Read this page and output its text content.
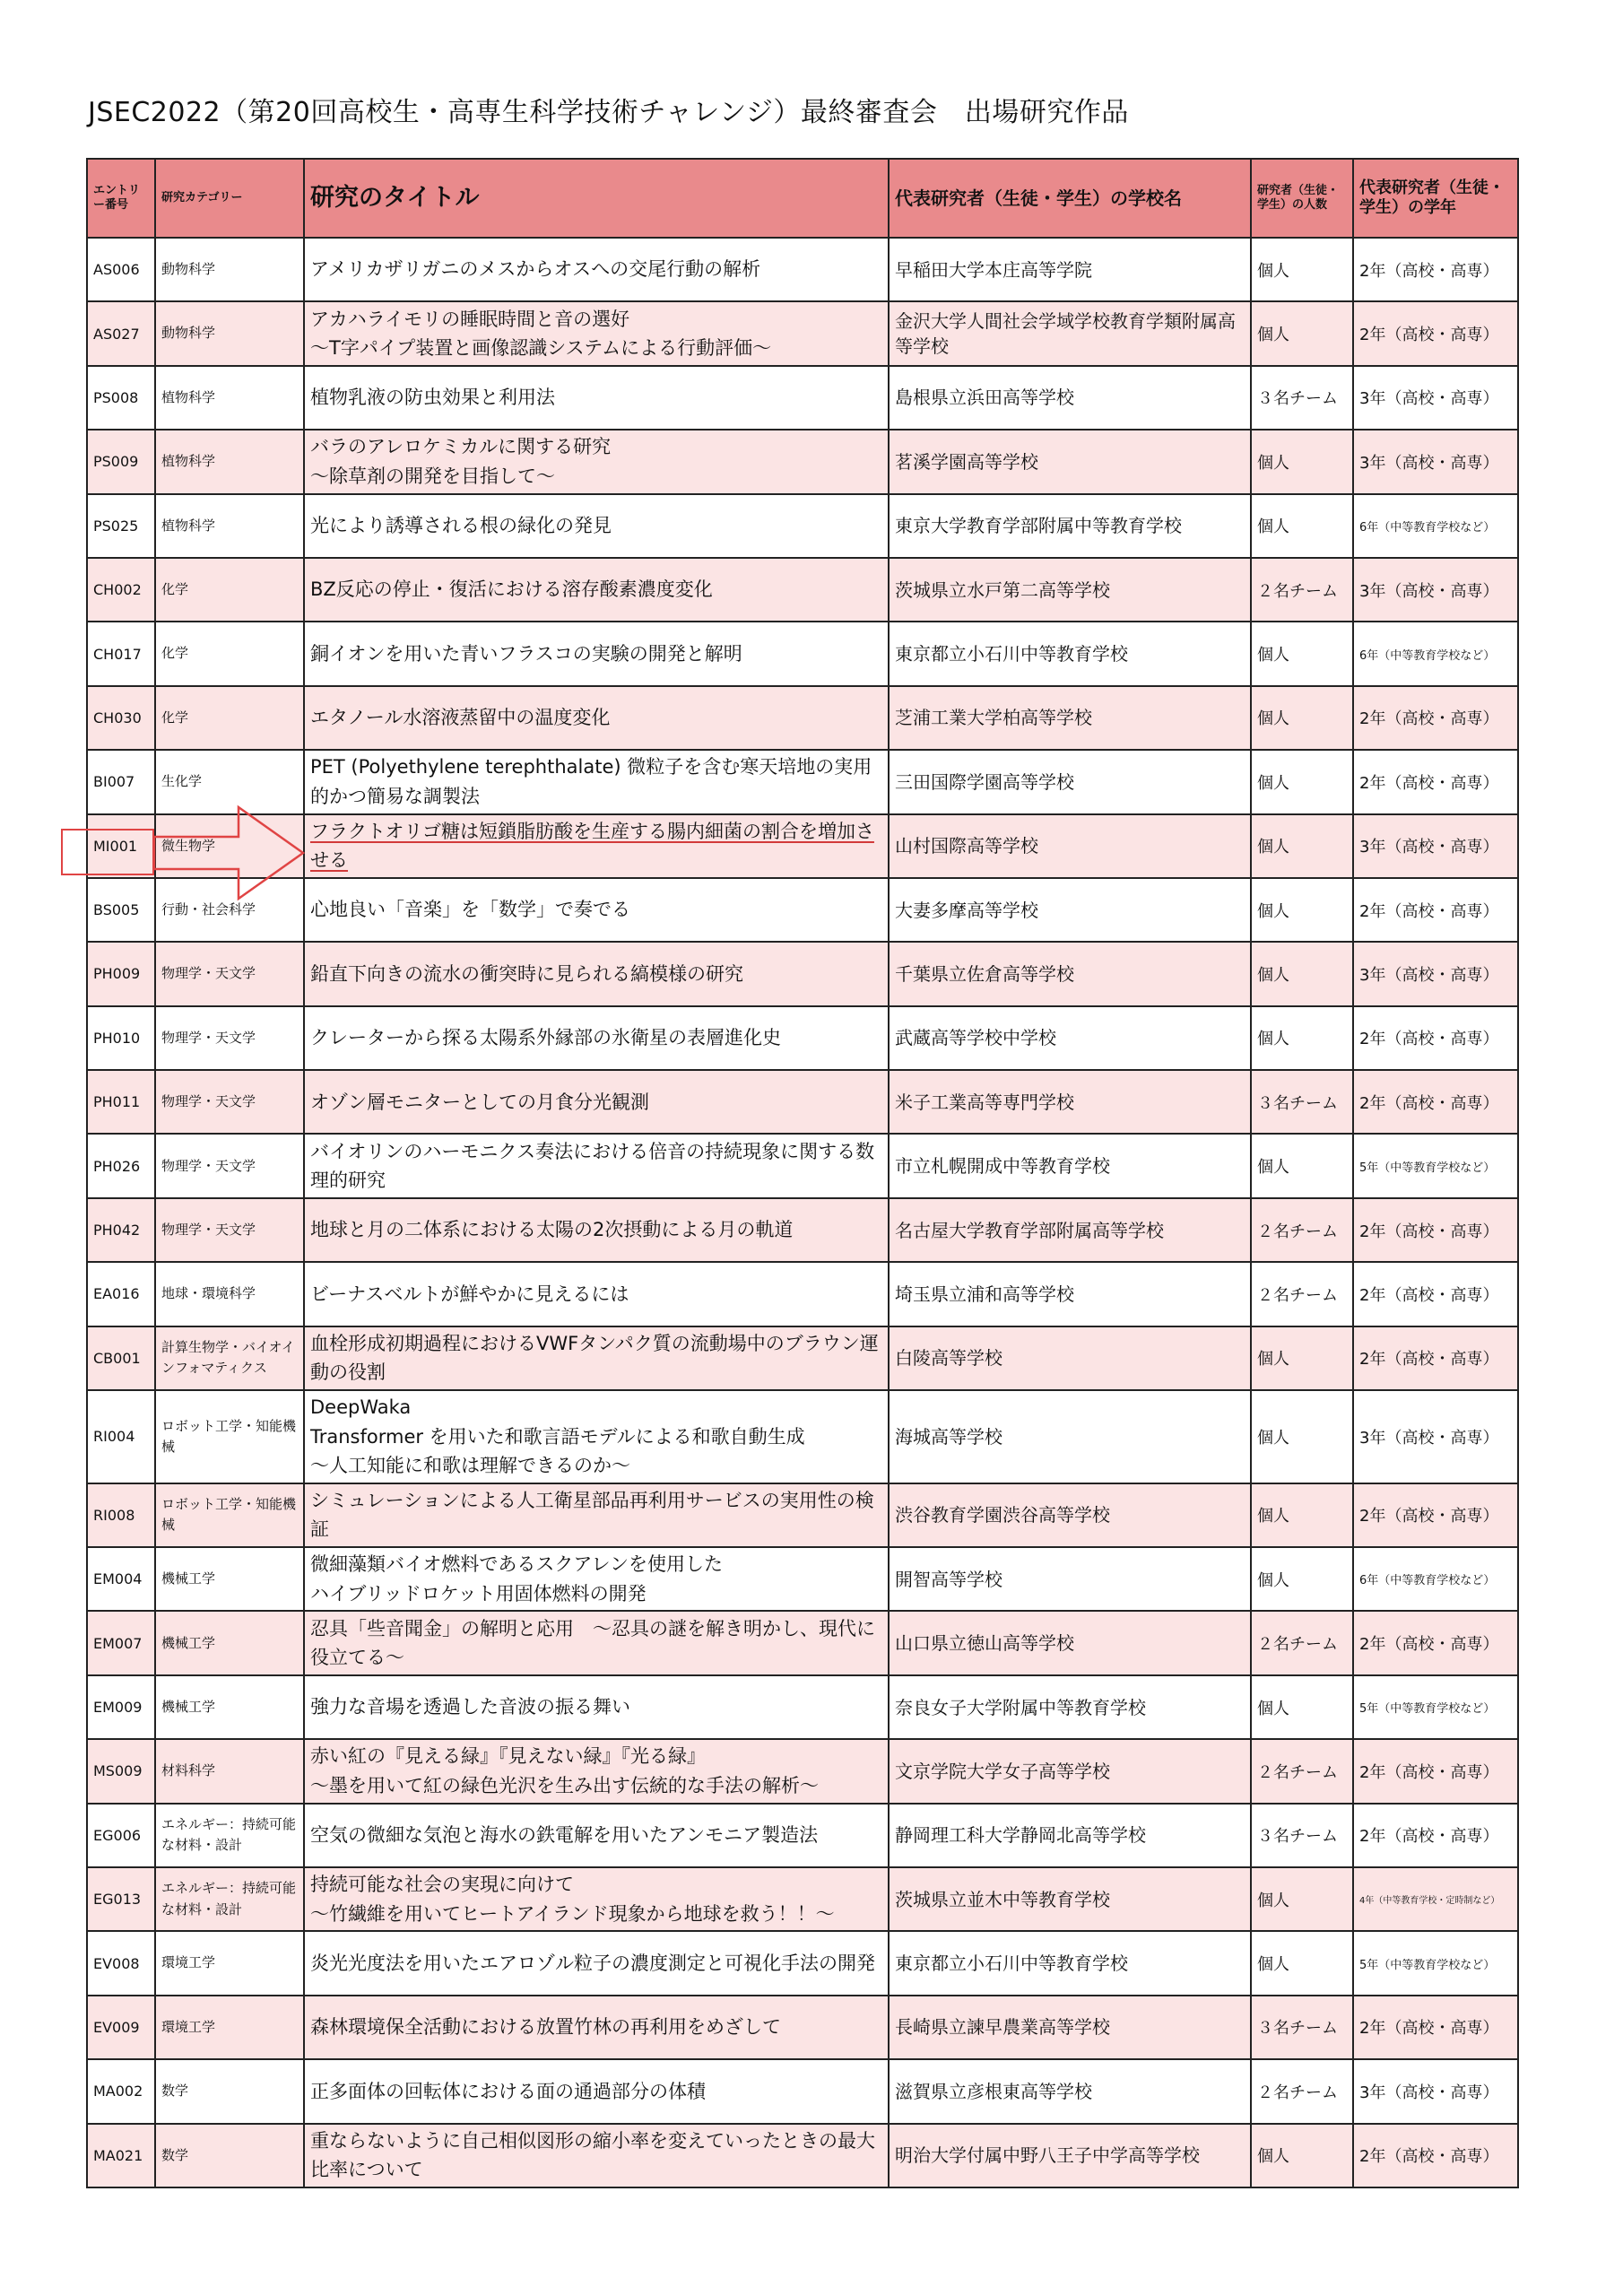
JSEC2022（第20回高校生・高専生科学技術チャレンジ）最終審査会　出場研究作品
エントリー番号	研究カテゴリー	研究のタイトル	代表研究者（生徒・学生）の学校名	研究者（生徒・学生）の人数	代表研究者（生徒・学生）の学年
AS006	動物科学	アメリカザリガニのメスからオスへの交尾行動の解析	早稲田大学本庄高等学院	個人	2年（高校・高専）
AS027	動物科学	アカハライモリの睡眠時間と音の選好
～T字パイプ装置と画像認識システムによる行動評価～	金沢大学人間社会学域学校教育学類附属高等学校	個人	2年（高校・高専）
PS008	植物科学	植物乳液の防虫効果と利用法	島根県立浜田高等学校	３名チーム	3年（高校・高専）
PS009	植物科学	バラのアレロケミカルに関する研究
～除草剤の開発を目指して～	茗溪学園高等学校	個人	3年（高校・高専）
PS025	植物科学	光により誘導される根の緑化の発見	東京大学教育学部附属中等教育学校	個人	6年（中等教育学校など）
CH002	化学	BZ反応の停止・復活における溶存酸素濃度変化	茨城県立水戸第二高等学校	２名チーム	3年（高校・高専）
CH017	化学	銅イオンを用いた青いフラスコの実験の開発と解明	東京都立小石川中等教育学校	個人	6年（中等教育学校など）
CH030	化学	エタノール水溶液蒸留中の温度変化	芝浦工業大学柏高等学校	個人	2年（高校・高専）
BI007	生化学	PET (Polyethylene terephthalate) 微粒子を含む寒天培地の実用的かつ簡易な調製法	三田国際学園高等学校	個人	2年（高校・高専）
MI001	微生物学	フラクトオリゴ糖は短鎖脂肪酸を生産する腸内細菌の割合を増加させる	山村国際高等学校	個人	3年（高校・高専）
BS005	行動・社会科学	心地良い「音楽」を「数学」で奏でる	大妻多摩高等学校	個人	2年（高校・高専）
PH009	物理学・天文学	鉛直下向きの流水の衝突時に見られる縞模様の研究	千葉県立佐倉高等学校	個人	3年（高校・高専）
PH010	物理学・天文学	クレーターから探る太陽系外縁部の氷衛星の表層進化史	武蔵高等学校中学校	個人	2年（高校・高専）
PH011	物理学・天文学	オゾン層モニターとしての月食分光観測	米子工業高等専門学校	３名チーム	2年（高校・高専）
PH026	物理学・天文学	バイオリンのハーモニクス奏法における倍音の持続現象に関する数理的研究	市立札幌開成中等教育学校	個人	5年（中等教育学校など）
PH042	物理学・天文学	地球と月の二体系における太陽の2次摂動による月の軌道	名古屋大学教育学部附属高等学校	２名チーム	2年（高校・高専）
EA016	地球・環境科学	ビーナスベルトが鮮やかに見えるには	埼玉県立浦和高等学校	２名チーム	2年（高校・高専）
CB001	計算生物学・バイオインフォマティクス	血栓形成初期過程におけるVWFタンパク質の流動場中のブラウン運動の役割	白陵高等学校	個人	2年（高校・高専）
RI004	ロボット工学・知能機械	DeepWaka
Transformer を用いた和歌言語モデルによる和歌自動生成
～人工知能に和歌は理解できるのか～	海城高等学校	個人	3年（高校・高専）
RI008	ロボット工学・知能機械	シミュレーションによる人工衛星部品再利用サービスの実用性の検証	渋谷教育学園渋谷高等学校	個人	2年（高校・高専）
EM004	機械工学	微細藻類バイオ燃料であるスクアレンを使用した
ハイブリッドロケット用固体燃料の開発	開智高等学校	個人	6年（中等教育学校など）
EM007	機械工学	忍具「些音聞金」の解明と応用　～忍具の謎を解き明かし、現代に役立てる～	山口県立徳山高等学校	２名チーム	2年（高校・高専）
EM009	機械工学	強力な音場を透過した音波の振る舞い	奈良女子大学附属中等教育学校	個人	5年（中等教育学校など）
MS009	材料科学	赤い紅の『見える緑』『見えない緑』『光る緑』
～墨を用いて紅の緑色光沢を生み出す伝統的な手法の解析～	文京学院大学女子高等学校	２名チーム	2年（高校・高専）
EG006	エネルギー：持続可能な材料・設計	空気の微細な気泡と海水の鉄電解を用いたアンモニア製造法	静岡理工科大学静岡北高等学校	３名チーム	2年（高校・高専）
EG013	エネルギー：持続可能な材料・設計	持続可能な社会の実現に向けて
～竹繊維を用いてヒートアイランド現象から地球を救う！！～	茨城県立並木中等教育学校	個人	4年（中等教育学校・定時制など）
EV008	環境工学	炎光光度法を用いたエアロゾル粒子の濃度測定と可視化手法の開発	東京都立小石川中等教育学校	個人	5年（中等教育学校など）
EV009	環境工学	森林環境保全活動における放置竹林の再利用をめざして	長崎県立諫早農業高等学校	３名チーム	2年（高校・高専）
MA002	数学	正多面体の回転体における面の通過部分の体積	滋賀県立彦根東高等学校	２名チーム	3年（高校・高専）
MA021	数学	重ならないように自己相似図形の縮小率を変えていったときの最大比率について	明治大学付属中野八王子中学高等学校	個人	2年（高校・高専）
